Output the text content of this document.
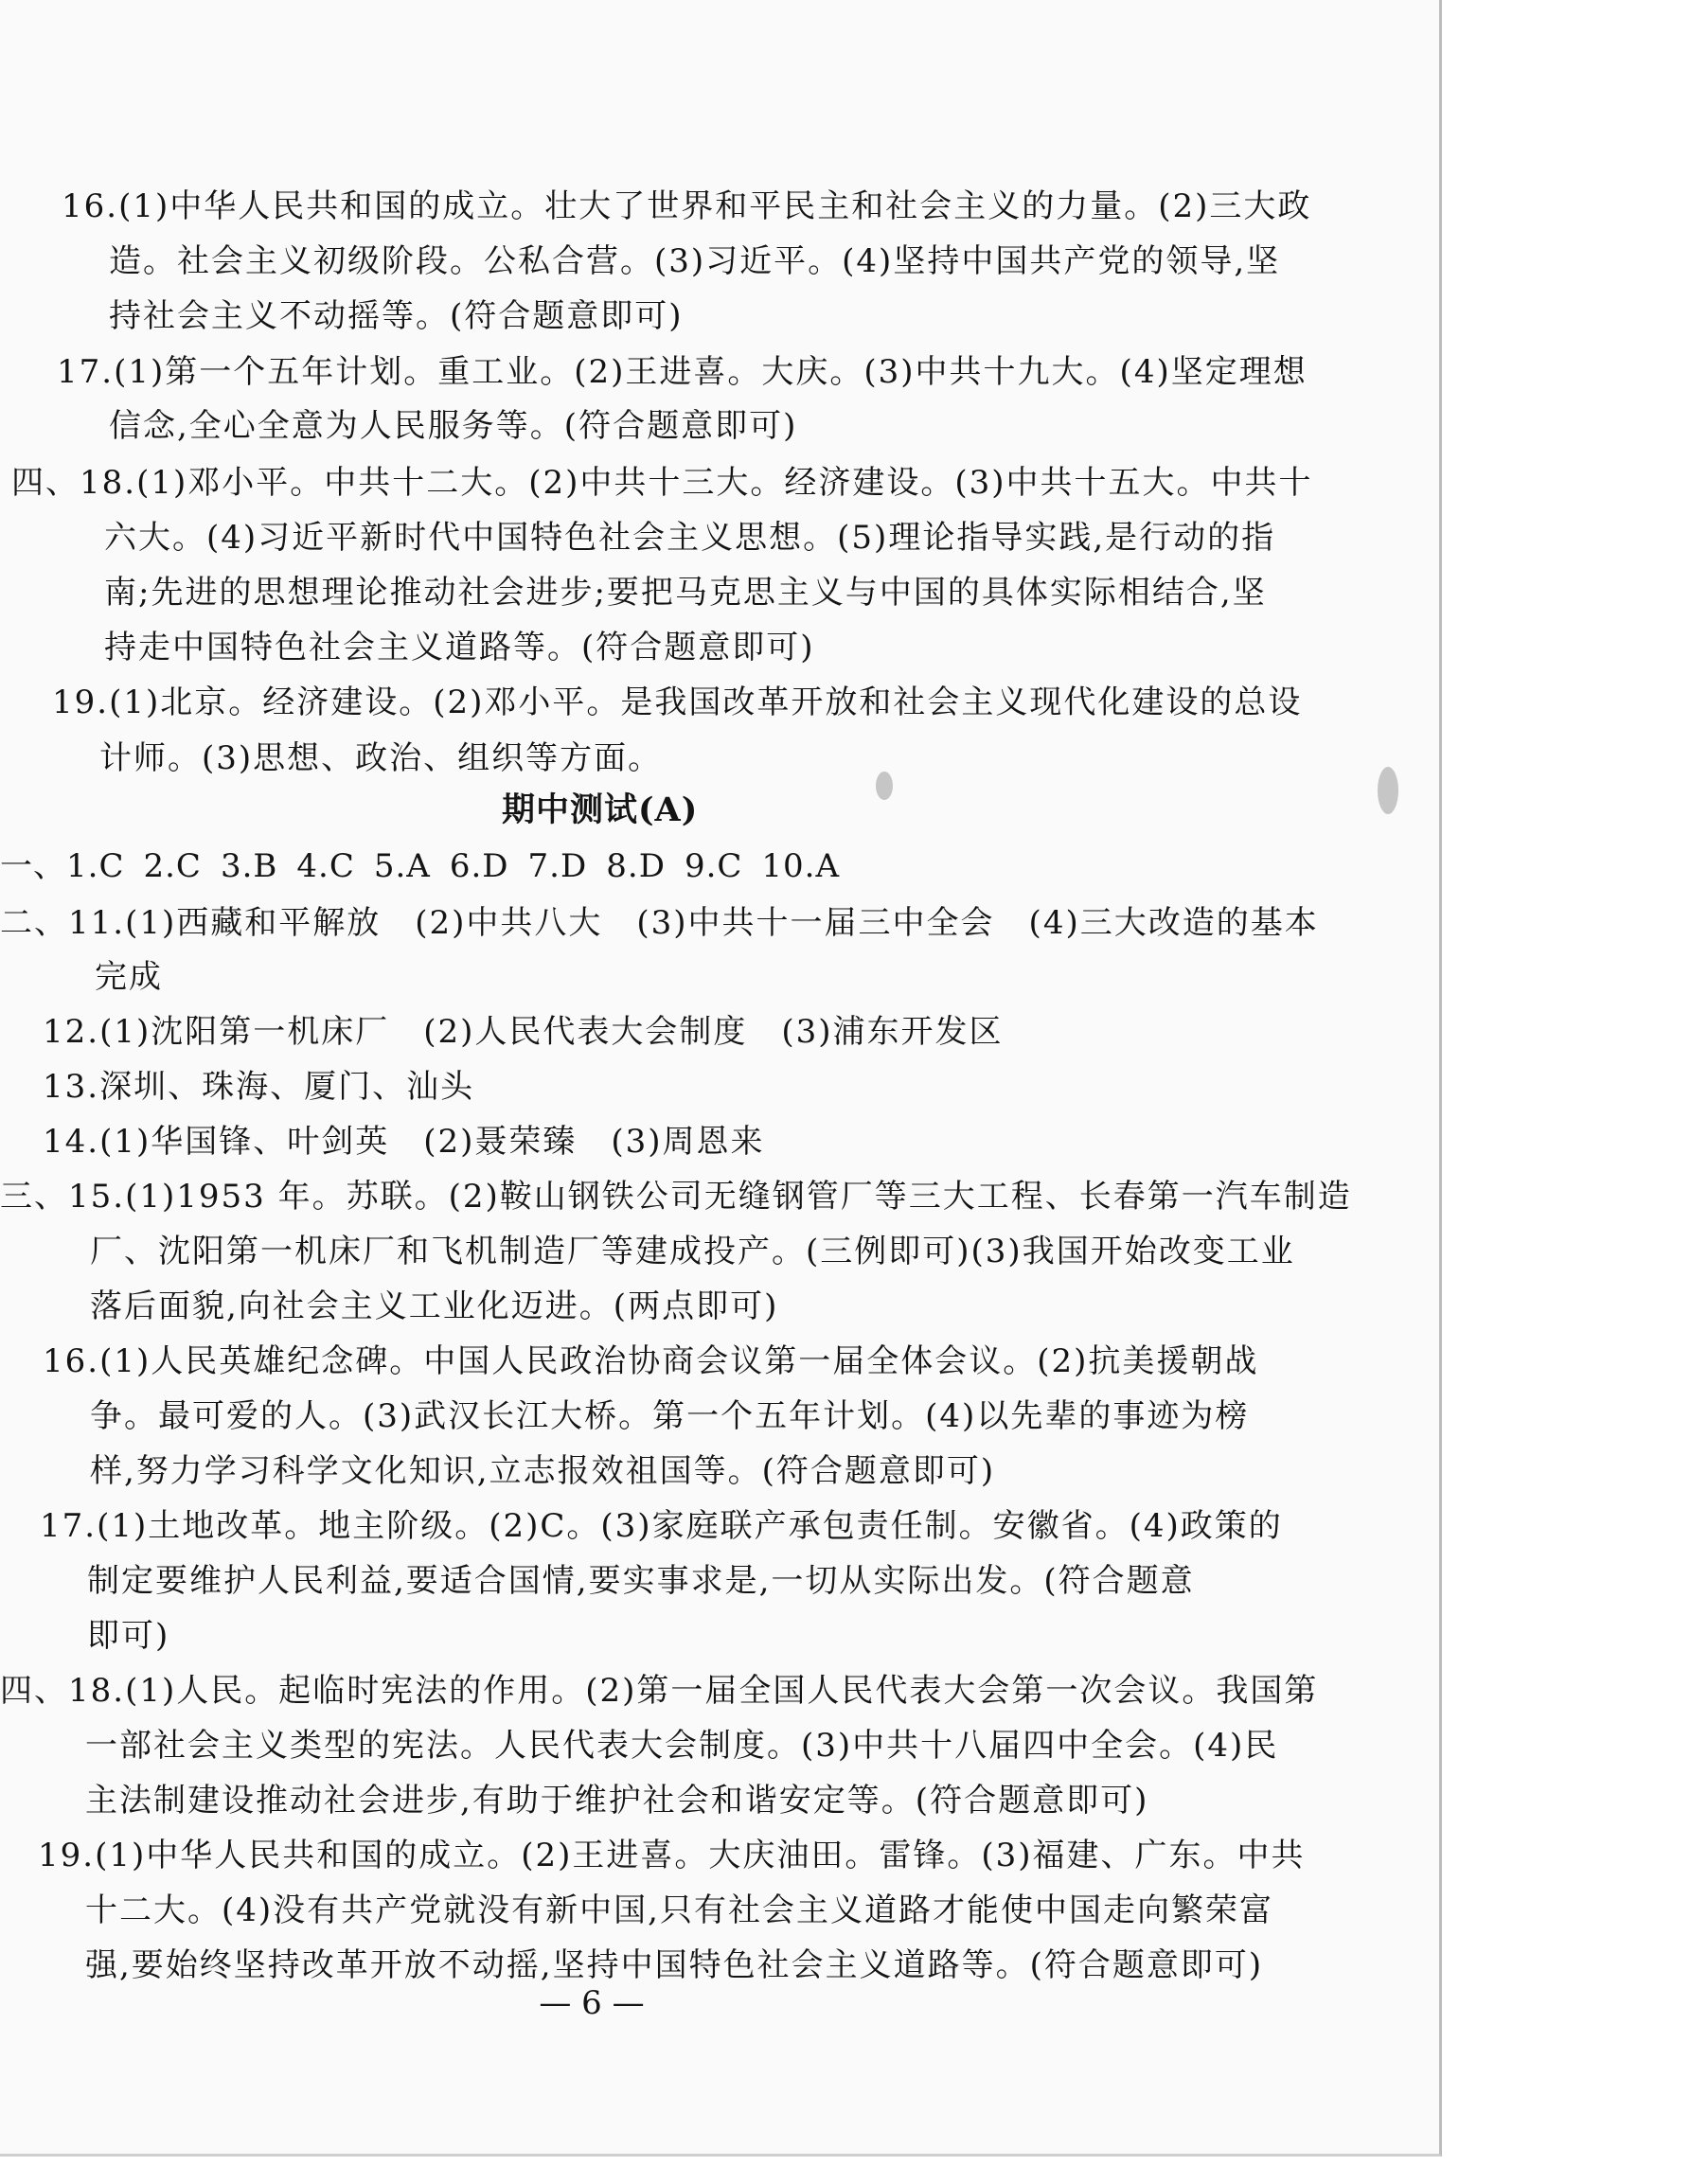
16.(1)中华人民共和国的成立。壮大了世界和平民主和社会主义的力量。(2)三大政
造。社会主义初级阶段。公私合营。(3)习近平。(4)坚持中国共产党的领导,坚
持社会主义不动摇等。(符合题意即可)
17.(1)第一个五年计划。重工业。(2)王进喜。大庆。(3)中共十九大。(4)坚定理想
信念,全心全意为人民服务等。(符合题意即可)
四、18.(1)邓小平。中共十二大。(2)中共十三大。经济建设。(3)中共十五大。中共十
六大。(4)习近平新时代中国特色社会主义思想。(5)理论指导实践,是行动的指
南;先进的思想理论推动社会进步;要把马克思主义与中国的具体实际相结合,坚
持走中国特色社会主义道路等。(符合题意即可)
19.(1)北京。经济建设。(2)邓小平。是我国改革开放和社会主义现代化建设的总设
计师。(3)思想、政治、组织等方面。
期中测试(A)
一、1.C 2.C 3.B 4.C 5.A 6.D 7.D 8.D 9.C 10.A
二、11.(1)西藏和平解放　(2)中共八大　(3)中共十一届三中全会　(4)三大改造的基本
完成
12.(1)沈阳第一机床厂　(2)人民代表大会制度　(3)浦东开发区
13.深圳、珠海、厦门、汕头
14.(1)华国锋、叶剑英　(2)聂荣臻　(3)周恩来
三、15.(1)1953 年。苏联。(2)鞍山钢铁公司无缝钢管厂等三大工程、长春第一汽车制造
厂、沈阳第一机床厂和飞机制造厂等建成投产。(三例即可)(3)我国开始改变工业
落后面貌,向社会主义工业化迈进。(两点即可)
16.(1)人民英雄纪念碑。中国人民政治协商会议第一届全体会议。(2)抗美援朝战
争。最可爱的人。(3)武汉长江大桥。第一个五年计划。(4)以先辈的事迹为榜
样,努力学习科学文化知识,立志报效祖国等。(符合题意即可)
17.(1)土地改革。地主阶级。(2)C。(3)家庭联产承包责任制。安徽省。(4)政策的
制定要维护人民利益,要适合国情,要实事求是,一切从实际出发。(符合题意
即可)
四、18.(1)人民。起临时宪法的作用。(2)第一届全国人民代表大会第一次会议。我国第
一部社会主义类型的宪法。人民代表大会制度。(3)中共十八届四中全会。(4)民
主法制建设推动社会进步,有助于维护社会和谐安定等。(符合题意即可)
19.(1)中华人民共和国的成立。(2)王进喜。大庆油田。雷锋。(3)福建、广东。中共
十二大。(4)没有共产党就没有新中国,只有社会主义道路才能使中国走向繁荣富
强,要始终坚持改革开放不动摇,坚持中国特色社会主义道路等。(符合题意即可)
— 6 —
